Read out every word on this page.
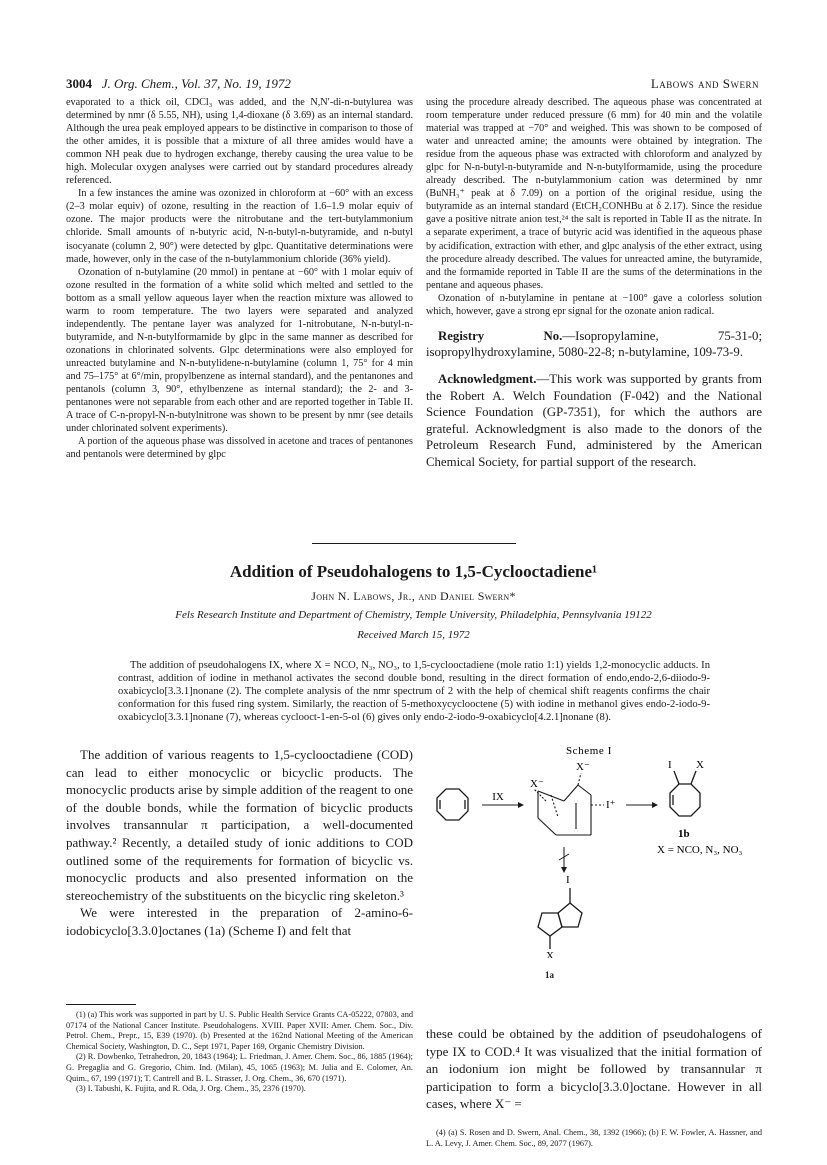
3004 J. Org. Chem., Vol. 37, No. 19, 1972	Labows and Swern

evaporated to a thick oil, CDCl₃ was added, and the N,N′-di-n-butylurea was determined by nmr (δ 5.55, NH), using 1,4-dioxane (δ 3.69) as an internal standard. Although the urea peak employed appears to be distinctive in comparison to those of the other amides, it is possible that a mixture of all three amides would have a common NH peak due to hydrogen exchange, thereby causing the urea value to be high. Molecular oxygen analyses were carried out by standard procedures already referenced.

In a few instances the amine was ozonized in chloroform at −60° with an excess (2–3 molar equiv) of ozone, resulting in the reaction of 1.6–1.9 molar equiv of ozone. The major products were the nitrobutane and the tert-butylammonium chloride. Small amounts of n-butyric acid, N-n-butyl-n-butyramide, and n-butyl isocyanate (column 2, 90°) were detected by glpc. Quantitative determinations were made, however, only in the case of the n-butylammonium chloride (36% yield).

Ozonation of n-butylamine (20 mmol) in pentane at −60° with 1 molar equiv of ozone resulted in the formation of a white solid which melted and settled to the bottom as a small yellow aqueous layer when the reaction mixture was allowed to warm to room temperature. The two layers were separated and analyzed independently. The pentane layer was analyzed for 1-nitrobutane, N-n-butyl-n-butyramide, and N-n-butylformamide by glpc in the same manner as described for ozonations in chlorinated solvents. Glpc determinations were also employed for unreacted butylamine and N-n-butylidene-n-butylamine (column 1, 75° for 4 min and 75–175° at 6°/min, propylbenzene as internal standard), and the pentanones and pentanols (column 3, 90°, ethylbenzene as internal standard); the 2- and 3-pentanones were not separable from each other and are reported together in Table II. A trace of C-n-propyl-N-n-butylnitrone was shown to be present by nmr (see details under chlorinated solvent experiments).

A portion of the aqueous phase was dissolved in acetone and traces of pentanones and pentanols were determined by glpc

using the procedure already described. The aqueous phase was concentrated at room temperature under reduced pressure (6 mm) for 40 min and the volatile material was trapped at −70° and weighed. This was shown to be composed of water and unreacted amine; the amounts were obtained by integration. The residue from the aqueous phase was extracted with chloroform and analyzed by glpc for N-n-butyl-n-butyramide and N-n-butylformamide, using the procedure already described. The n-butylammonium cation was determined by nmr (BuNH₃⁺ peak at δ 7.09) on a portion of the original residue, using the butyramide as an internal standard (EtCH₂CONHBu at δ 2.17). Since the residue gave a positive nitrate anion test,²⁴ the salt is reported in Table II as the nitrate. In a separate experiment, a trace of butyric acid was identified in the aqueous phase by acidification, extraction with ether, and glpc analysis of the ether extract, using the procedure already described. The values for unreacted amine, the butyramide, and the formamide reported in Table II are the sums of the determinations in the pentane and aqueous phases.

Ozonation of n-butylamine in pentane at −100° gave a colorless solution which, however, gave a strong epr signal for the ozonate anion radical.

Registry No.—Isopropylamine, 75-31-0; isopropylhydroxylamine, 5080-22-8; n-butylamine, 109-73-9.

Acknowledgment.—This work was supported by grants from the Robert A. Welch Foundation (F-042) and the National Science Foundation (GP-7351), for which the authors are grateful. Acknowledgment is also made to the donors of the Petroleum Research Fund, administered by the American Chemical Society, for partial support of the research.

Addition of Pseudohalogens to 1,5-Cyclooctadiene¹
John N. Labows, Jr., and Daniel Swern*
Fels Research Institute and Department of Chemistry, Temple University, Philadelphia, Pennsylvania 19122
Received March 15, 1972
The addition of pseudohalogens IX, where X = NCO, N₃, NO₃, to 1,5-cyclooctadiene (mole ratio 1:1) yields 1,2-monocyclic adducts. In contrast, addition of iodine in methanol activates the second double bond, resulting in the direct formation of endo,endo-2,6-diiodo-9-oxabicyclo[3.3.1]nonane (2). The complete analysis of the nmr spectrum of 2 with the help of chemical shift reagents confirms the chair conformation for this fused ring system. Similarly, the reaction of 5-methoxycyclooctene (5) with iodine in methanol gives endo-2-iodo-9-oxabicyclo[3.3.1]nonane (7), whereas cyclooct-1-en-5-ol (6) gives only endo-2-iodo-9-oxabicyclo[4.2.1]nonane (8).

The addition of various reagents to 1,5-cyclooctadiene (COD) can lead to either monocyclic or bicyclic products. The monocyclic products arise by simple addition of the reagent to one of the double bonds, while the formation of bicyclic products involves transannular π participation, a well-documented pathway.² Recently, a detailed study of ionic additions to COD outlined some of the requirements for formation of bicyclic vs. monocyclic products and also presented information on the stereochemistry of the substituents on the bicyclic ring skeleton.³

We were interested in the preparation of 2-amino-6-iodobicyclo[3.3.0]octanes (1a) (Scheme I) and felt that

(1) (a) This work was supported in part by U. S. Public Health Service Grants CA-05222, 07803, and 07174 of the National Cancer Institute. Pseudohalogens. XVIII. Paper XVII: Amer. Chem. Soc., Div. Petrol. Chem., Prepr., 15, E39 (1970). (b) Presented at the 162nd National Meeting of the American Chemical Society, Washington, D. C., Sept 1971, Paper 169, Organic Chemistry Division.

(2) R. Dowbenko, Tetrahedron, 20, 1843 (1964); L. Friedman, J. Amer. Chem. Soc., 86, 1885 (1964); G. Pregaglia and G. Gregorio, Chim. Ind. (Milan), 45, 1065 (1963); M. Julia and E. Colomer, An. Quim., 67, 199 (1971); T. Cantrell and B. L. Strasser, J. Org. Chem., 36, 670 (1971).

(3) I. Tabushi, K. Fujita, and R. Oda, J. Org. Chem., 35, 2376 (1970).

Scheme I
IX
X⁻
X⁻
I⁺
I X
1b
X = NCO, N₃, NO₃
I
X
1a
these could be obtained by the addition of pseudohalogens of type IX to COD.⁴ It was visualized that the initial formation of an iodonium ion might be followed by transannular π participation to form a bicyclo[3.3.0]octane. However in all cases, where X⁻ =
(4) (a) S. Rosen and D. Swern, Anal. Chem., 38, 1392 (1966); (b) F. W. Fowler, A. Hassner, and L. A. Levy, J. Amer. Chem. Soc., 89, 2077 (1967).
